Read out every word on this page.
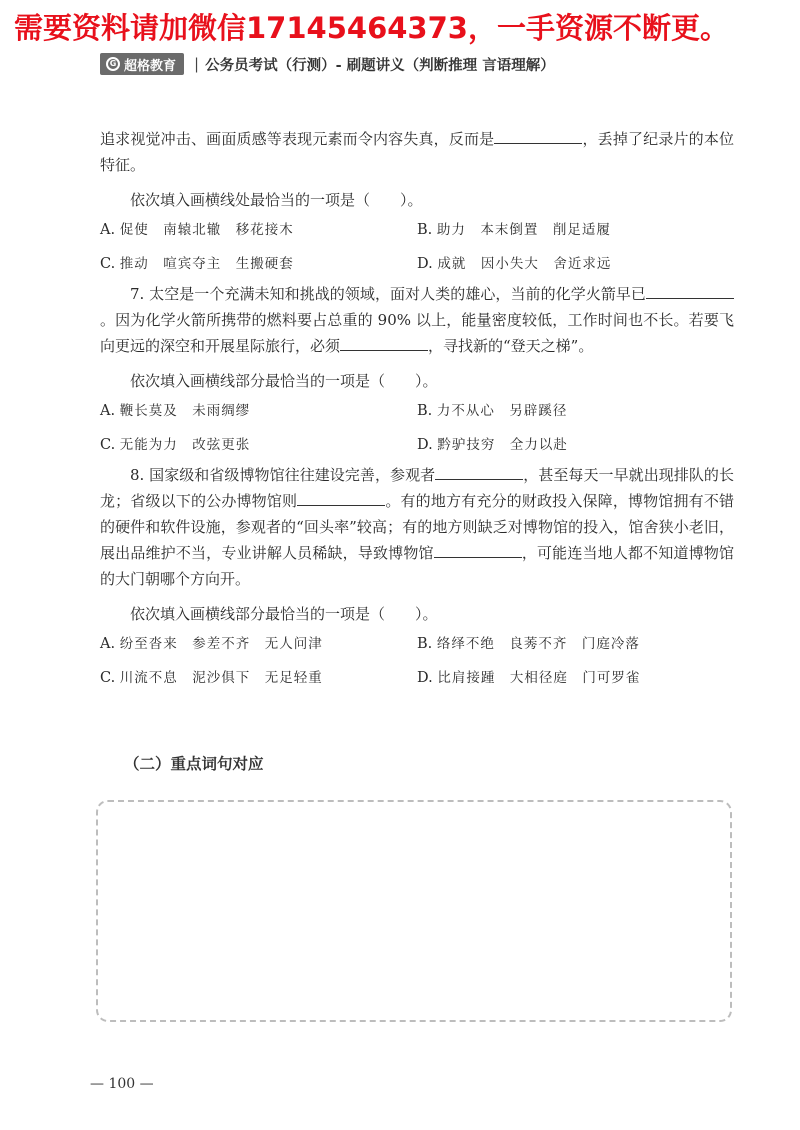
需要资料请加微信17145464373，一手资源不断更。
G 超格教育 | 公务员考试（行测）- 刷题讲义（判断推理 言语理解）

追求视觉冲击、画面质感等表现元素而令内容失真，反而是	，丢掉了纪录片的本位特征。

依次填入画横线处最恰当的一项是（　　）。

A. 促使　南辕北辙　移花接木	B. 助力　本末倒置　削足适履
C. 推动　喧宾夺主　生搬硬套	D. 成就　因小失大　舍近求远

7. 太空是一个充满未知和挑战的领域，面对人类的雄心，当前的化学火箭早已。因为化学火箭所携带的燃料要占总重的 90% 以上，能量密度较低，工作时间也不长。若要飞向更远的深空和开展星际旅行，必须	，寻找新的“登天之梯”。

依次填入画横线部分最恰当的一项是（　　）。

A. 鞭长莫及　未雨绸缪	B. 力不从心　另辟蹊径
C. 无能为力　改弦更张	D. 黔驴技穷　全力以赴

8. 国家级和省级博物馆往往建设完善，参观者	，甚至每天一早就出现排队的长龙；省级以下的公办博物馆则	。有的地方有充分的财政投入保障，博物馆拥有不错的硬件和软件设施，参观者的“回头率”较高；有的地方则缺乏对博物馆的投入，馆舍狭小老旧，展出品维护不当，专业讲解人员稀缺，导致博物馆	，可能连当地人都不知道博物馆的大门朝哪个方向开。

依次填入画横线部分最恰当的一项是（　　）。

A. 纷至沓来　参差不齐　无人问津	B. 络绎不绝　良莠不齐　门庭冷落
C. 川流不息　泥沙俱下　无足轻重	D. 比肩接踵　大相径庭　门可罗雀
（二）重点词句对应
— 100 —
